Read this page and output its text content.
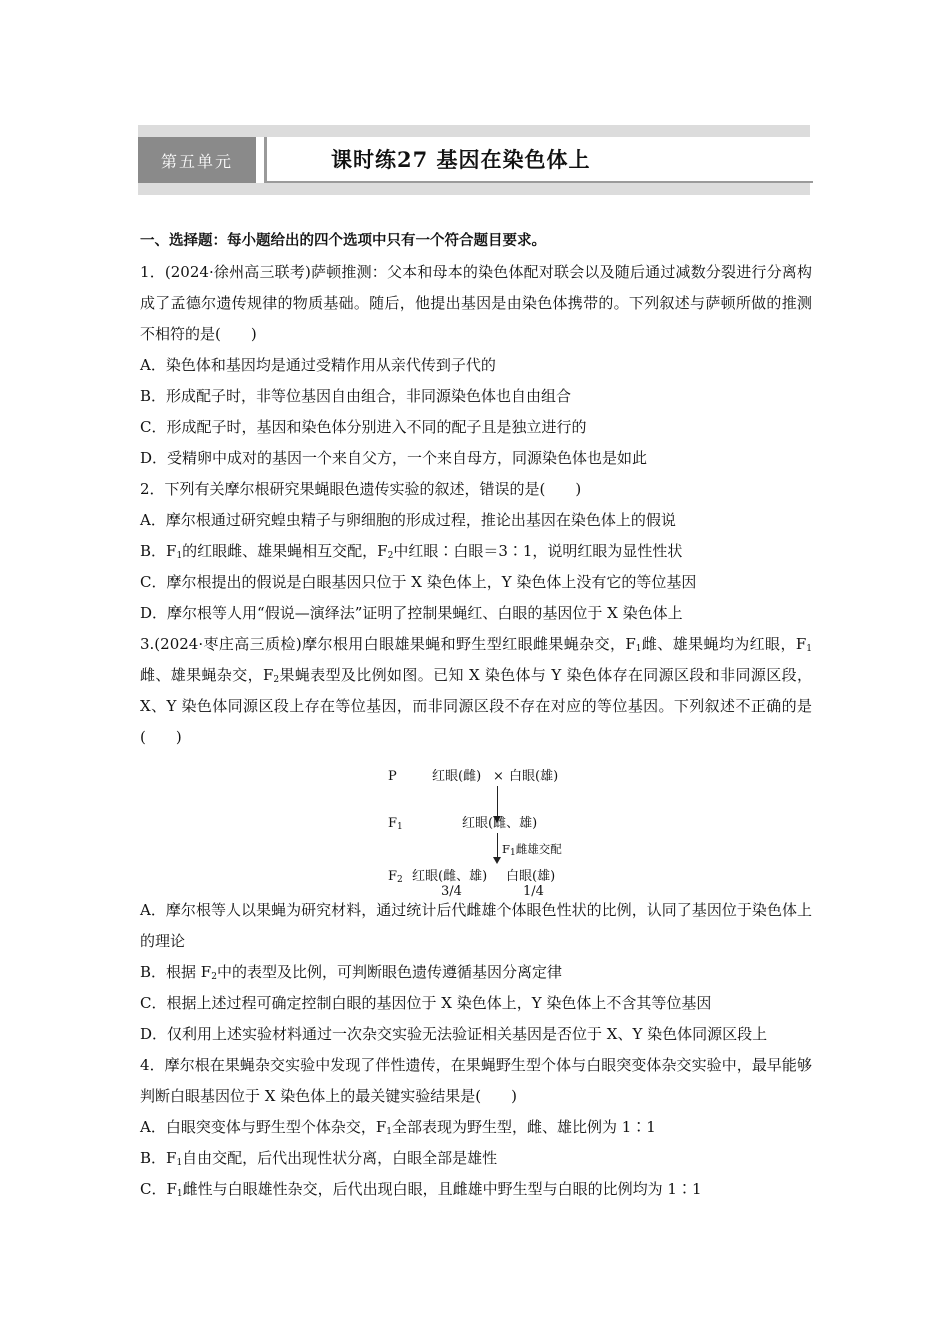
第五单元	课时练27 基因在染色体上
一、选择题：每小题给出的四个选项中只有一个符合题目要求。
1．(2024·徐州高三联考)萨顿推测：父本和母本的染色体配对联会以及随后通过减数分裂进行分离构成了孟德尔遗传规律的物质基础。随后，他提出基因是由染色体携带的。下列叙述与萨顿所做的推测不相符的是(　　)
A．染色体和基因均是通过受精作用从亲代传到子代的
B．形成配子时，非等位基因自由组合，非同源染色体也自由组合
C．形成配子时，基因和染色体分别进入不同的配子且是独立进行的
D．受精卵中成对的基因一个来自父方，一个来自母方，同源染色体也是如此
2．下列有关摩尔根研究果蝇眼色遗传实验的叙述，错误的是(　　)
A．摩尔根通过研究蝗虫精子与卵细胞的形成过程，推论出基因在染色体上的假说
B．$F_1$的红眼雌、雄果蝇相互交配，$F_2$中红眼∶白眼＝3∶1，说明红眼为显性性状
C．摩尔根提出的假说是白眼基因只位于 X 染色体上，Y 染色体上没有它的等位基因
D．摩尔根等人用“假说—演绎法”证明了控制果蝇红、白眼的基因位于 X 染色体上
3.(2024·枣庄高三质检)摩尔根用白眼雄果蝇和野生型红眼雌果蝇杂交，$F_1$雌、雄果蝇均为红眼，$F_1$雌、雄果蝇杂交，$F_2$果蝇表型及比例如图。已知 X 染色体与 Y 染色体存在同源区段和非同源区段，X、Y 染色体同源区段上存在等位基因，而非同源区段不存在对应的等位基因。下列叙述不正确的是(　　)
P	红眼(雌) × 白眼(雄)
$F_1$	红眼(雌、雄)
$F_1$雌雄交配
$F_2$ 红眼(雌、雄) 白眼(雄)
3/4	1/4
A．摩尔根等人以果蝇为研究材料，通过统计后代雌雄个体眼色性状的比例，认同了基因位于染色体上的理论
B．根据 $F_2$中的表型及比例，可判断眼色遗传遵循基因分离定律
C．根据上述过程可确定控制白眼的基因位于 X 染色体上，Y 染色体上不含其等位基因
D．仅利用上述实验材料通过一次杂交实验无法验证相关基因是否位于 X、Y 染色体同源区段上
4．摩尔根在果蝇杂交实验中发现了伴性遗传，在果蝇野生型个体与白眼突变体杂交实验中，最早能够判断白眼基因位于 X 染色体上的最关键实验结果是(　　)
A．白眼突变体与野生型个体杂交，$F_1$全部表现为野生型，雌、雄比例为 1∶1
B．$F_1$自由交配，后代出现性状分离，白眼全部是雄性
C．$F_1$雌性与白眼雄性杂交，后代出现白眼，且雌雄中野生型与白眼的比例均为 1∶1
